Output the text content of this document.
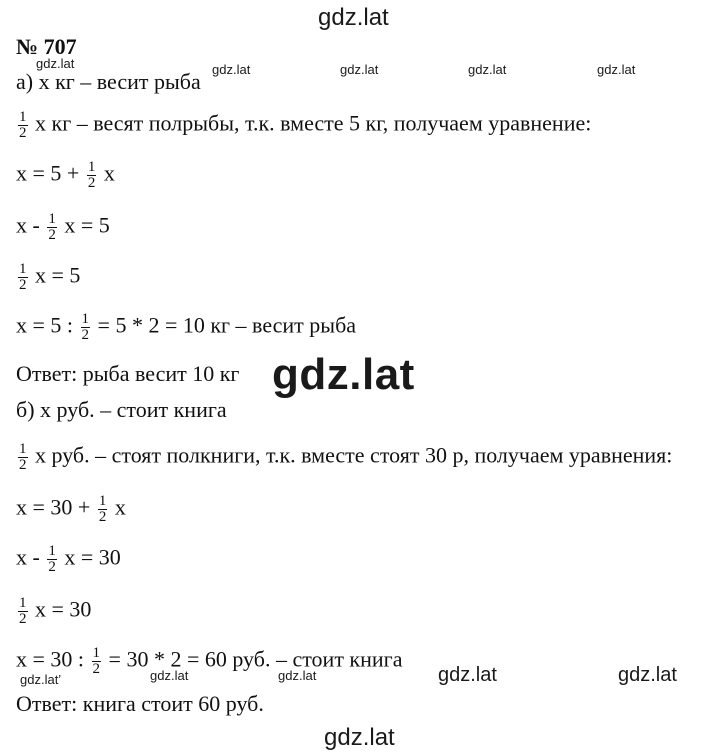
gdz.lat
gdz.lat	gdz.lat	gdz.lat	gdz.lat	gdz.lat
gdz.lat
gdz.lat’	gdz.lat	gdz.lat	gdz.lat	gdz.lat
gdz.lat
№ 707
а) x кг – весит рыба
$\frac{1}{2}$ x кг – весят полрыбы, т.к. вместе 5 кг, получаем уравнение:
$x = 5 + \frac{1}{2}$ x
x - $\frac{1}{2}$ x = 5
$\frac{1}{2}$ x = 5
x = 5 : $\frac{1}{2} = 5 * 2 = 10$ кг – весит рыба
Ответ: рыба весит 10 кг
б) x руб. – стоит книга
$\frac{1}{2}$ x руб. – стоят полкниги, т.к. вместе стоят 30 р, получаем уравнения:
$x = 30 + \frac{1}{2}$ x
x - $\frac{1}{2}$ x = 30
$\frac{1}{2}$ x = 30
x = 30 : $\frac{1}{2} = 30 * 2 = 60$ руб. – стоит книга
Ответ: книга стоит 60 руб.
